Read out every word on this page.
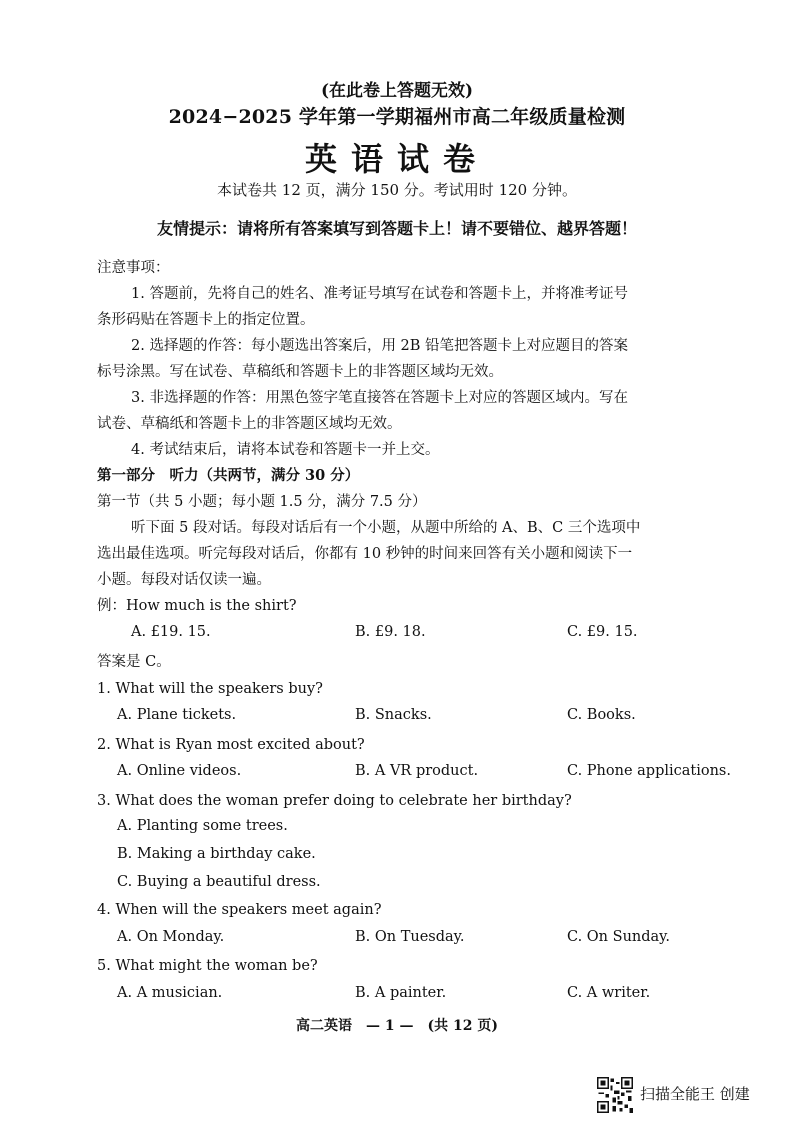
(在此卷上答题无效)
2024−2025 学年第一学期福州市高二年级质量检测
英语试卷
本试卷共 12 页，满分 150 分。考试用时 120 分钟。
友情提示：请将所有答案填写到答题卡上！请不要错位、越界答题！
注意事项：
1. 答题前，先将自己的姓名、准考证号填写在试卷和答题卡上，并将准考证号
条形码贴在答题卡上的指定位置。
2. 选择题的作答：每小题选出答案后，用 2B 铅笔把答题卡上对应题目的答案
标号涂黑。写在试卷、草稿纸和答题卡上的非答题区域均无效。
3. 非选择题的作答：用黑色签字笔直接答在答题卡上对应的答题区域内。写在
试卷、草稿纸和答题卡上的非答题区域均无效。
4. 考试结束后，请将本试卷和答题卡一并上交。
第一部分　听力（共两节，满分 30 分）
第一节（共 5 小题；每小题 1.5 分，满分 7.5 分）
听下面 5 段对话。每段对话后有一个小题，从题中所给的 A、B、C 三个选项中
选出最佳选项。听完每段对话后，你都有 10 秒钟的时间来回答有关小题和阅读下一
小题。每段对话仅读一遍。
例：How much is the shirt?
A. £19. 15.	B. £9. 18.	C. £9. 15.
答案是 C。
1. What will the speakers buy?
A. Plane tickets.	B. Snacks.	C. Books.
2. What is Ryan most excited about?
A. Online videos.	B. A VR product.	C. Phone applications.
3. What does the woman prefer doing to celebrate her birthday?
A. Planting some trees.
B. Making a birthday cake.
C. Buying a beautiful dress.
4. When will the speakers meet again?
A. On Monday.	B. On Tuesday.	C. On Sunday.
5. What might the woman be?
A. A musician.	B. A painter.	C. A writer.
高二英语　— 1 —　(共 12 页)
扫描全能王 创建
